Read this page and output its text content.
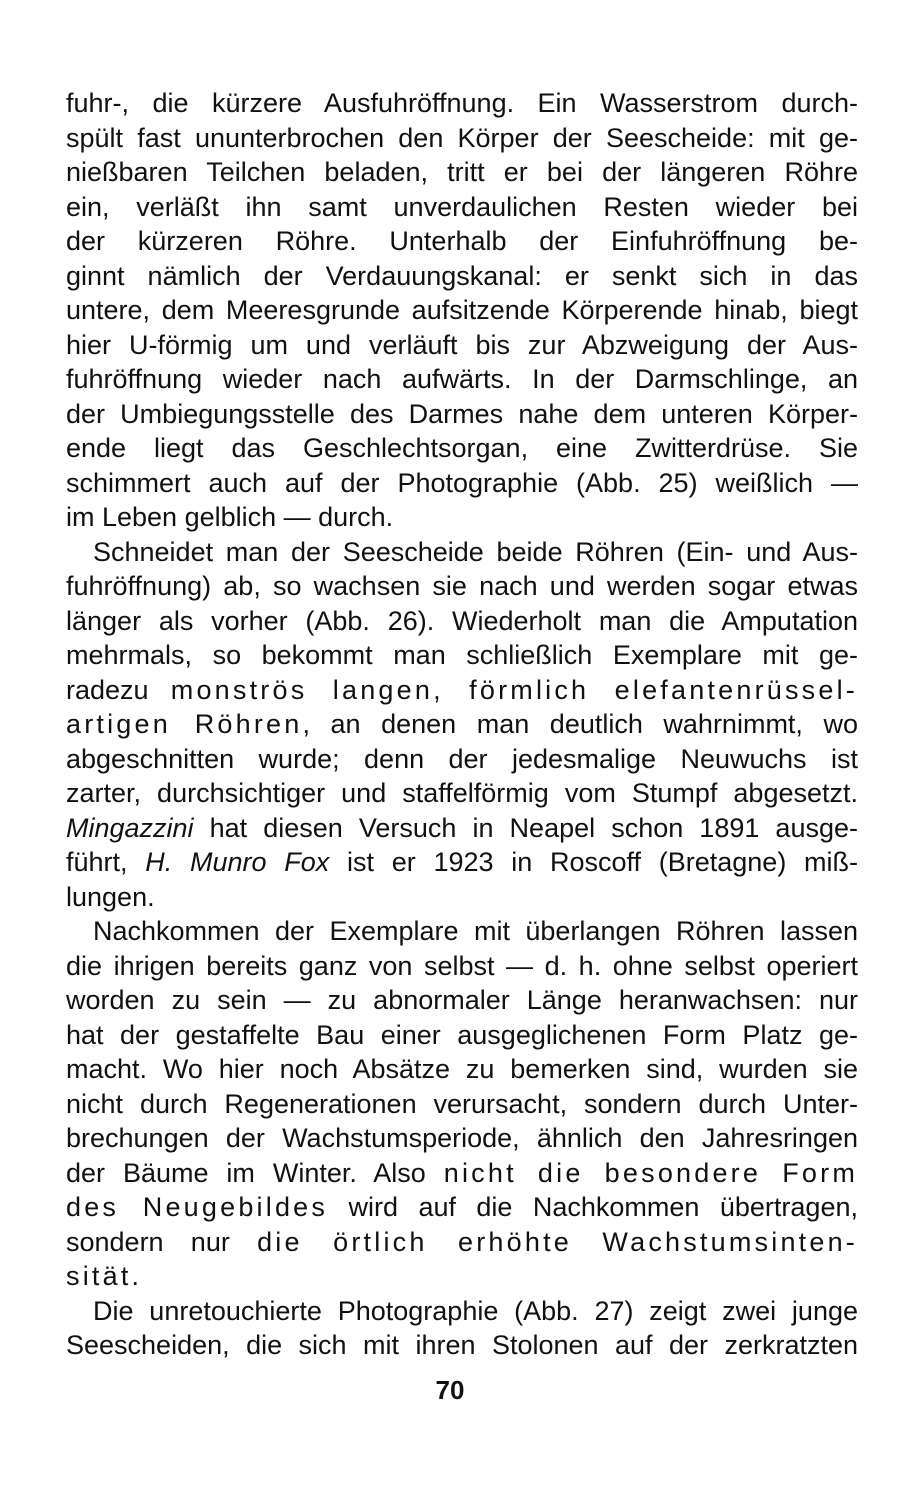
fuhr-, die kürzere Ausfuhröffnung. Ein Wasserstrom durch-
spült fast ununterbrochen den Körper der Seescheide: mit ge-
nießbaren Teilchen beladen, tritt er bei der längeren Röhre
ein, verläßt ihn samt unverdaulichen Resten wieder bei
der kürzeren Röhre. Unterhalb der Einfuhröffnung be-
ginnt nämlich der Verdauungskanal: er senkt sich in das
untere, dem Meeresgrunde aufsitzende Körperende hinab, biegt
hier U-förmig um und verläuft bis zur Abzweigung der Aus-
fuhröffnung wieder nach aufwärts. In der Darmschlinge, an
der Umbiegungsstelle des Darmes nahe dem unteren Körper-
ende liegt das Geschlechtsorgan, eine Zwitterdrüse. Sie
schimmert auch auf der Photographie (Abb. 25) weißlich —
im Leben gelblich — durch.
Schneidet man der Seescheide beide Röhren (Ein- und Aus-
fuhröffnung) ab, so wachsen sie nach und werden sogar etwas
länger als vorher (Abb. 26). Wiederholt man die Amputation
mehrmals, so bekommt man schließlich Exemplare mit ge-
radezu monströs langen, förmlich elefantenrüssel-
artigen Röhren, an denen man deutlich wahrnimmt, wo
abgeschnitten wurde; denn der jedesmalige Neuwuchs ist
zarter, durchsichtiger und staffelförmig vom Stumpf abgesetzt.
Mingazzini hat diesen Versuch in Neapel schon 1891 ausge-
führt, H. Munro Fox ist er 1923 in Roscoff (Bretagne) miß-
lungen.
Nachkommen der Exemplare mit überlangen Röhren lassen
die ihrigen bereits ganz von selbst — d. h. ohne selbst operiert
worden zu sein — zu abnormaler Länge heranwachsen: nur
hat der gestaffelte Bau einer ausgeglichenen Form Platz ge-
macht. Wo hier noch Absätze zu bemerken sind, wurden sie
nicht durch Regenerationen verursacht, sondern durch Unter-
brechungen der Wachstumsperiode, ähnlich den Jahresringen
der Bäume im Winter. Also nicht die besondere Form
des Neugebildes wird auf die Nachkommen übertragen,
sondern nur die örtlich erhöhte Wachstumsinten-
sität.
Die unretouchierte Photographie (Abb. 27) zeigt zwei junge
Seescheiden, die sich mit ihren Stolonen auf der zerkratzten
70
